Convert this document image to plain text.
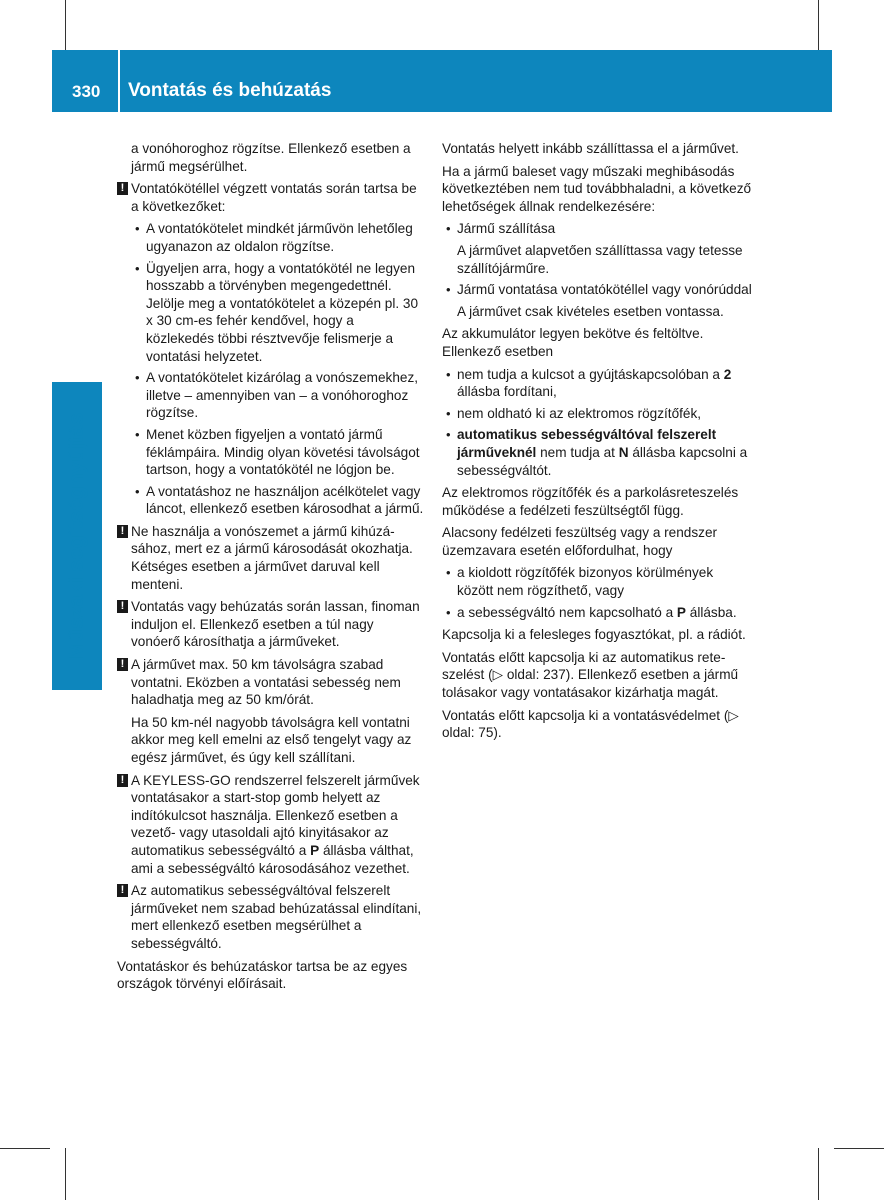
330 Vontatás és behúzatás
Műszaki segítségnyújtás

a vonóhoroghoz rögzítse. Ellenkező esetben a jármű megsérülhet.

! Vontatókötéllel végzett vontatás során tartsa be a következőket:

• A vontatókötelet mindkét járművön lehetőleg ugyanazon az oldalon rögzítse.
• Ügyeljen arra, hogy a vontatókötél ne legyen hosszabb a törvényben megengedettnél. Jelölje meg a vontatókötelet a közepén pl. 30 x 30 cm-es fehér kendővel, hogy a közlekedés többi résztvevője felismerje a vontatási helyzetet.
• A vontatókötelet kizárólag a vonószemekhez, illetve – amennyiben van – a vonóhoroghoz rögzítse.
• Menet közben figyeljen a vontató jármű féklámpáira. Mindig olyan követési távolságot tartson, hogy a vontatókötél ne lógjon be.
• A vontatáshoz ne használjon acélkötelet vagy láncot, ellenkező esetben károsodhat a jármű.
! Ne használja a vonószemet a jármű kihúzásához, mert ez a jármű károsodását okozhatja. Kétséges esetben a járművet daruval kell menteni.

! Vontatás vagy behúzatás során lassan, finoman induljon el. Ellenkező esetben a túl nagy vonóerő károsíthatja a járműveket.

! A járművet max. 50 km távolságra szabad vontatni. Eközben a vontatási sebesség nem haladhatja meg az 50 km/órát.

Ha 50 km-nél nagyobb távolságra kell vontatni akkor meg kell emelni az első tengelyt vagy az egész járművet, és úgy kell szállítani.

! A KEYLESS-GO rendszerrel felszerelt járművek vontatásakor a start-stop gomb helyett az indítókulcsot használja. Ellenkező esetben a vezető- vagy utasoldali ajtó kinyitásakor az automatikus sebességváltó a P állásba válthat, ami a sebességváltó károsodásához vezethet.

! Az automatikus sebességváltóval felszerelt járműveket nem szabad behúzatással elindítani, mert ellenkező esetben megsérülhet a sebességváltó.

Vontatáskor és behúzatáskor tartsa be az egyes országok törvényi előírásait.

Vontatás helyett inkább szállíttassa el a járművet.

Ha a jármű baleset vagy műszaki meghibásodás következtében nem tud továbbhaladni, a következő lehetőségek állnak rendelkezésére:

• Jármű szállítása
A járművet alapvetően szállíttassa vagy tetesse szállítójárműre.
• Jármű vontatása vontatókötéllel vagy vonórúddal
A járművet csak kivételes esetben vontassa.

Az akkumulátor legyen bekötve és feltöltve. Ellenkező esetben

• nem tudja a kulcsot a gyújtáskapcsolóban a 2 állásba fordítani,
• nem oldható ki az elektromos rögzítőfék,
• automatikus sebességváltóval felszerelt járműveknél nem tudja at N állásba kapcsolni a sebességváltót.

Az elektromos rögzítőfék és a parkolásreteszelés működése a fedélzeti feszültségtől függ.

Alacsony fedélzeti feszültség vagy a rendszer üzemzavara esetén előfordulhat, hogy

• a kioldott rögzítőfék bizonyos körülmények között nem rögzíthető, vagy
• a sebességváltó nem kapcsolható a P állásba.

Kapcsolja ki a felesleges fogyasztókat, pl. a rádiót.

Vontatás előtt kapcsolja ki az automatikus reteszelést (▷ oldal: 237). Ellenkező esetben a jármű tolásakor vagy vontatásakor kizárhatja magát.

Vontatás előtt kapcsolja ki a vontatásvédelmet (▷ oldal: 75).
